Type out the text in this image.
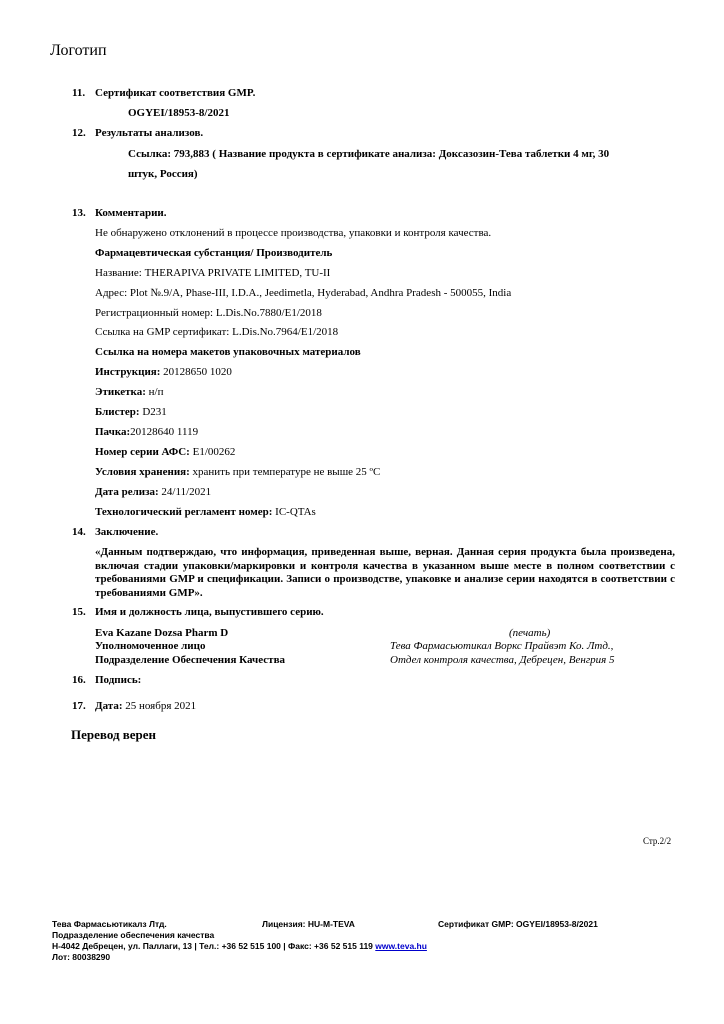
Логотип
11. Сертификат соответствия GMP.
OGYEI/18953-8/2021
12. Результаты анализов.
Ссылка: 793,883 ( Название продукта в сертификате анализа: Доксазозин-Тева таблетки 4 мг, 30
штук, Россия)
13. Комментарии.
Не обнаружено отклонений в процессе производства, упаковки и контроля качества.
Фармацевтическая субстанция/ Производитель
Название: THERAPIVA PRIVATE LIMITED, TU-II
Адрес: Plot №.9/A, Phase-III, I.D.A., Jeedimetla, Hyderabad, Andhra Pradesh - 500055, India
Регистрационный номер: L.Dis.No.7880/E1/2018
Ссылка на GMP сертификат: L.Dis.No.7964/E1/2018
Ссылка на номера макетов упаковочных материалов
Инструкция: 20128650 1020
Этикетка: н/п
Блистер: D231
Пачка:20128640 1119
Номер серии АФС: E1/00262
Условия хранения: хранить при температуре не выше 25 ºС
Дата релиза: 24/11/2021
Технологический регламент номер: IC-QTAs
14. Заключение.
«Данным подтверждаю, что информация, приведенная выше, верная. Данная серия продукта была произведена, включая стадии упаковки/маркировки и контроля качества в указанном выше месте в полном соответствии с требованиями GMP и спецификации. Записи о производстве, упаковке и анализе серии находятся в соответствии с требованиями GMP».
15. Имя и должность лица, выпустившего серию.
Eva Kazane Dozsa Pharm D
Уполномоченное лицо
Подразделение Обеспечения Качества
(печать)
Тева Фармасьютикал Воркс Прайвэт Ко. Лтд.,
Отдел контроля качества, Дебрецен, Венгрия 5
16. Подпись:
17. Дата: 25 ноября 2021
Перевод верен
Стр.2/2
Тева Фармасьютикалз Лтд.	Лицензия: HU-M-TEVA	Сертификат GMP: OGYEI/18953-8/2021
Подразделение обеспечения качества
H-4042 Дебрецен, ул. Паллаги, 13 | Тел.: +36 52 515 100 | Факс: +36 52 515 119 www.teva.hu
Лот: 80038290
